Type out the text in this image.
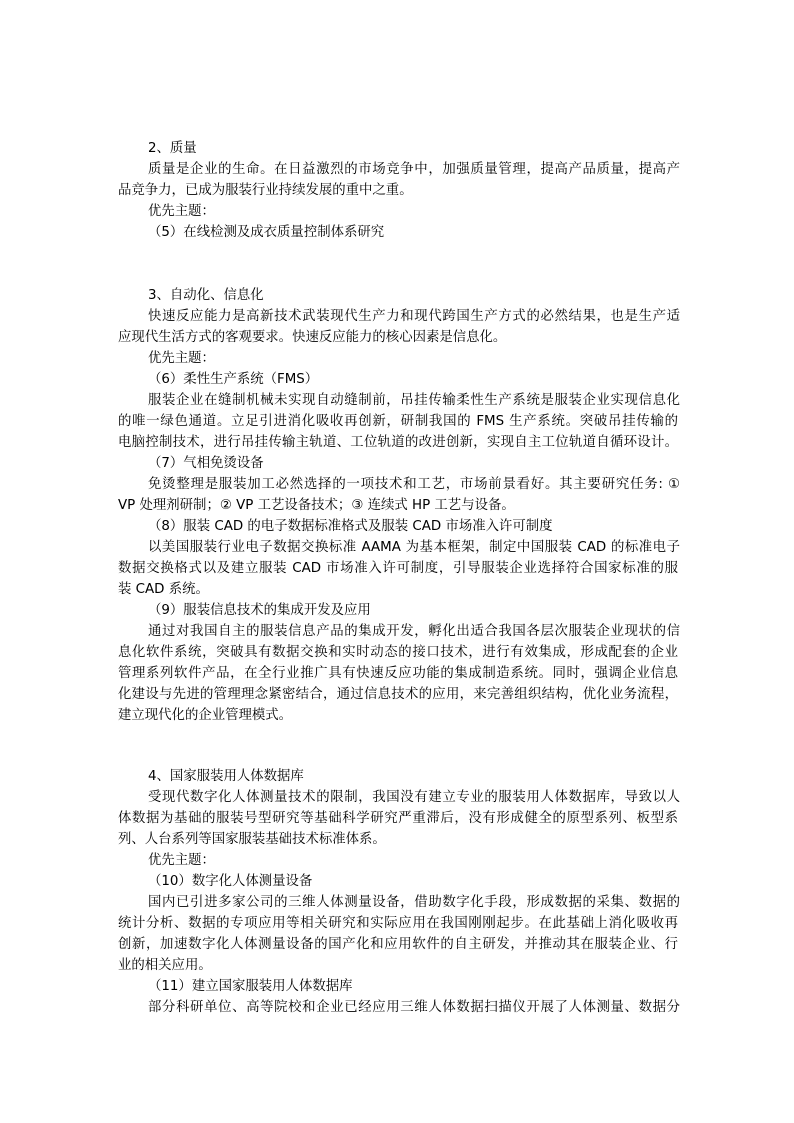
2、质量
质量是企业的生命。在日益激烈的市场竞争中，加强质量管理，提高产品质量，提高产
品竞争力，已成为服装行业持续发展的重中之重。
优先主题：
（5）在线检测及成衣质量控制体系研究
3、自动化、信息化
快速反应能力是高新技术武装现代生产力和现代跨国生产方式的必然结果，也是生产适
应现代生活方式的客观要求。快速反应能力的核心因素是信息化。
优先主题：
（6）柔性生产系统（FMS）
服装企业在缝制机械未实现自动缝制前，吊挂传输柔性生产系统是服装企业实现信息化
的唯一绿色通道。立足引进消化吸收再创新，研制我国的 FMS 生产系统。突破吊挂传输的
电脑控制技术，进行吊挂传输主轨道、工位轨道的改进创新，实现自主工位轨道自循环设计。
（7）气相免烫设备
免烫整理是服装加工必然选择的一项技术和工艺，市场前景看好。其主要研究任务: ①
VP 处理剂研制；② VP 工艺设备技术；③ 连续式 HP 工艺与设备。
（8）服装 CAD 的电子数据标准格式及服装 CAD 市场准入许可制度
以美国服装行业电子数据交换标准 AAMA 为基本框架，制定中国服装 CAD 的标准电子
数据交换格式以及建立服装 CAD 市场准入许可制度，引导服装企业选择符合国家标准的服
装 CAD 系统。
（9）服装信息技术的集成开发及应用
通过对我国自主的服装信息产品的集成开发，孵化出适合我国各层次服装企业现状的信
息化软件系统，突破具有数据交换和实时动态的接口技术，进行有效集成，形成配套的企业
管理系列软件产品，在全行业推广具有快速反应功能的集成制造系统。同时，强调企业信息
化建设与先进的管理理念紧密结合，通过信息技术的应用，来完善组织结构，优化业务流程，
建立现代化的企业管理模式。
4、国家服装用人体数据库
受现代数字化人体测量技术的限制，我国没有建立专业的服装用人体数据库，导致以人
体数据为基础的服装号型研究等基础科学研究严重滞后，没有形成健全的原型系列、板型系
列、人台系列等国家服装基础技术标准体系。
优先主题：
（10）数字化人体测量设备
国内已引进多家公司的三维人体测量设备，借助数字化手段，形成数据的采集、数据的
统计分析、数据的专项应用等相关研究和实际应用在我国刚刚起步。在此基础上消化吸收再
创新，加速数字化人体测量设备的国产化和应用软件的自主研发，并推动其在服装企业、行
业的相关应用。
（11）建立国家服装用人体数据库
部分科研单位、高等院校和企业已经应用三维人体数据扫描仪开展了人体测量、数据分
